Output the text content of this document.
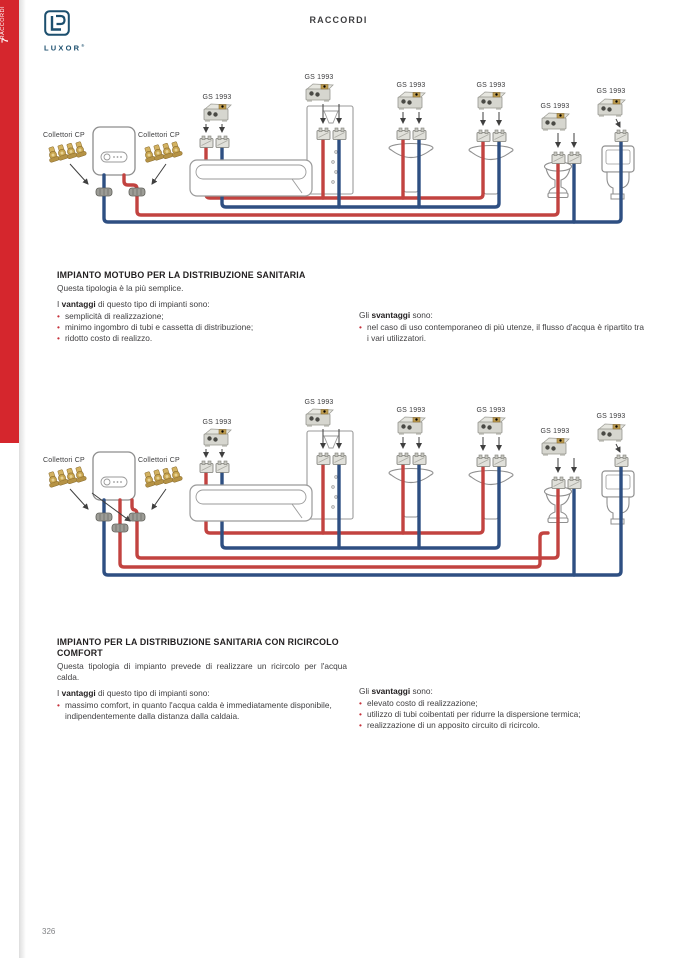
RACCORDI
7
LUXOR®
RACCORDI
GS 1993
GS 1993
GS 1993	GS 1993
GS 1993
GS 1993
Collettori CP	Collettori CP
GS 1993
GS 1993
GS 1993	GS 1993
GS 1993
GS 1993
Collettori CP	Collettori CP
IMPIANTO MOTUBO PER LA DISTRIBUZIONE SANITARIA

Questa tipologia è la più semplice.

I vantaggi di questo tipo di impianti sono:

• semplicità di realizzazione;
• minimo ingombro di tubi e cassetta di distribuzione;
• ridotto costo di realizzo.

Gli svantaggi sono:

• nel caso di uso contemporaneo di più utenze, il flusso d'acqua è ripartito tra i vari utilizzatori.
IMPIANTO PER LA DISTRIBUZIONE SANITARIA CON RICIRCOLO COMFORT

Questa tipologia di impianto prevede di realizzare un ricircolo per l'acqua calda.

I vantaggi di questo tipo di impianti sono:

• massimo comfort, in quanto l'acqua calda è immediatamente disponibile, indipendentemente dalla distanza dalla caldaia.

Gli svantaggi sono:

• elevato costo di realizzazione;
• utilizzo di tubi coibentati per ridurre la dispersione termica;
• realizzazione di un apposito circuito di ricircolo.
326
